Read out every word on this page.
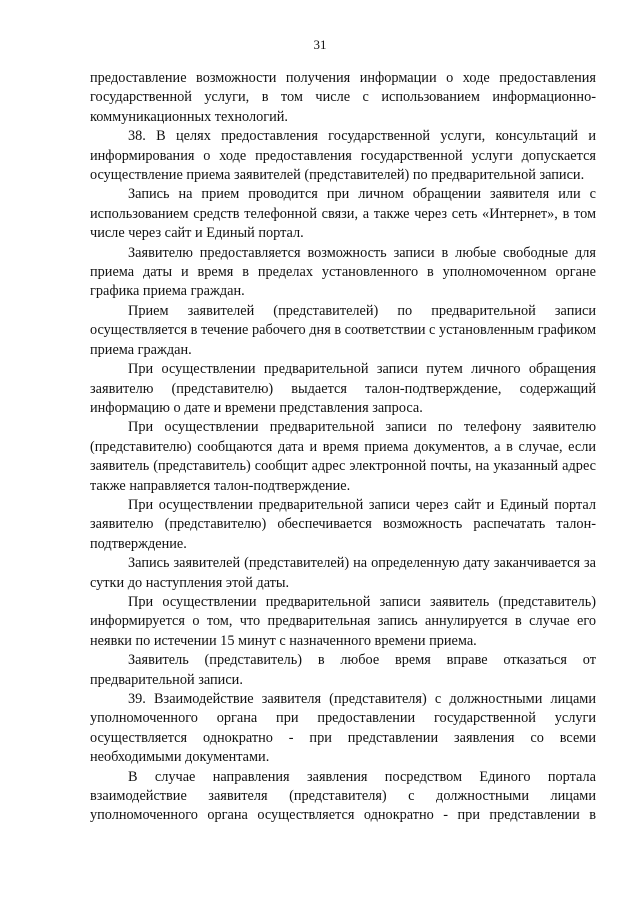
31

предоставление возможности получения информации о ходе предоставления государственной услуги, в том числе с использованием информационно-коммуникационных технологий.

38. В целях предоставления государственной услуги, консультаций и информирования о ходе предоставления государственной услуги допускается осуществление приема заявителей (представителей) по предварительной записи.

Запись на прием проводится при личном обращении заявителя или с использованием средств телефонной связи, а также через сеть «Интернет», в том числе через сайт и Единый портал.

Заявителю предоставляется возможность записи в любые свободные для приема даты и время в пределах установленного в уполномоченном органе графика приема граждан.

Прием заявителей (представителей) по предварительной записи осуществляется в течение рабочего дня в соответствии с установленным графиком приема граждан.

При осуществлении предварительной записи путем личного обращения заявителю (представителю) выдается талон-подтверждение, содержащий информацию о дате и времени представления запроса.

При осуществлении предварительной записи по телефону заявителю (представителю) сообщаются дата и время приема документов, а в случае, если заявитель (представитель) сообщит адрес электронной почты, на указанный адрес также направляется талон-подтверждение.

При осуществлении предварительной записи через сайт и Единый портал заявителю (представителю) обеспечивается возможность распечатать талон-подтверждение.

Запись заявителей (представителей) на определенную дату заканчивается за сутки до наступления этой даты.

При осуществлении предварительной записи заявитель (представитель) информируется о том, что предварительная запись аннулируется в случае его неявки по истечении 15 минут с назначенного времени приема.

Заявитель (представитель) в любое время вправе отказаться от предварительной записи.

39. Взаимодействие заявителя (представителя) с должностными лицами уполномоченного органа при предоставлении государственной услуги осуществляется однократно - при представлении заявления со всеми необходимыми документами.

В случае направления заявления посредством Единого портала взаимодействие заявителя (представителя) с должностными лицами уполномоченного органа осуществляется однократно - при представлении в
